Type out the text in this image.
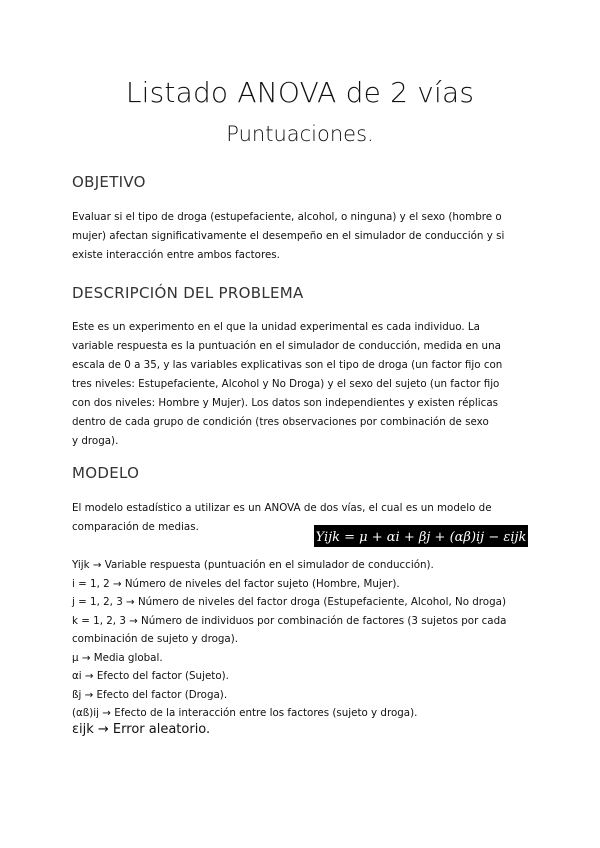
Listado ANOVA de 2 vías
Puntuaciones.
OBJETIVO
Evaluar si el tipo de droga (estupefaciente, alcohol, o ninguna) y el sexo (hombre o
mujer) afectan significativamente el desempeño en el simulador de conducción y si
existe interacción entre ambos factores.
DESCRIPCIÓN DEL PROBLEMA
Este es un experimento en el que la unidad experimental es cada individuo. La
variable respuesta es la puntuación en el simulador de conducción, medida en una
escala de 0 a 35, y las variables explicativas son el tipo de droga (un factor fijo con
tres niveles: Estupefaciente, Alcohol y No Droga) y el sexo del sujeto (un factor fijo
con dos niveles: Hombre y Mujer). Los datos son independientes y existen réplicas
dentro de cada grupo de condición (tres observaciones por combinación de sexo
y droga).
MODELO
El modelo estadístico a utilizar es un ANOVA de dos vías, el cual es un modelo de
comparación de medias.
Yijk = μ + αi + βj + (αβ)ij − εijk
Yijk → Variable respuesta (puntuación en el simulador de conducción).
i = 1, 2 → Número de niveles del factor sujeto (Hombre, Mujer).
j = 1, 2, 3 → Número de niveles del factor droga (Estupefaciente, Alcohol, No droga)
k = 1, 2, 3 → Número de individuos por combinación de factores (3 sujetos por cada
combinación de sujeto y droga).
µ → Media global.
αi → Efecto del factor (Sujeto).
ßj → Efecto del factor (Droga).
(αß)ij → Efecto de la interacción entre los factores (sujeto y droga).
εijk → Error aleatorio.
